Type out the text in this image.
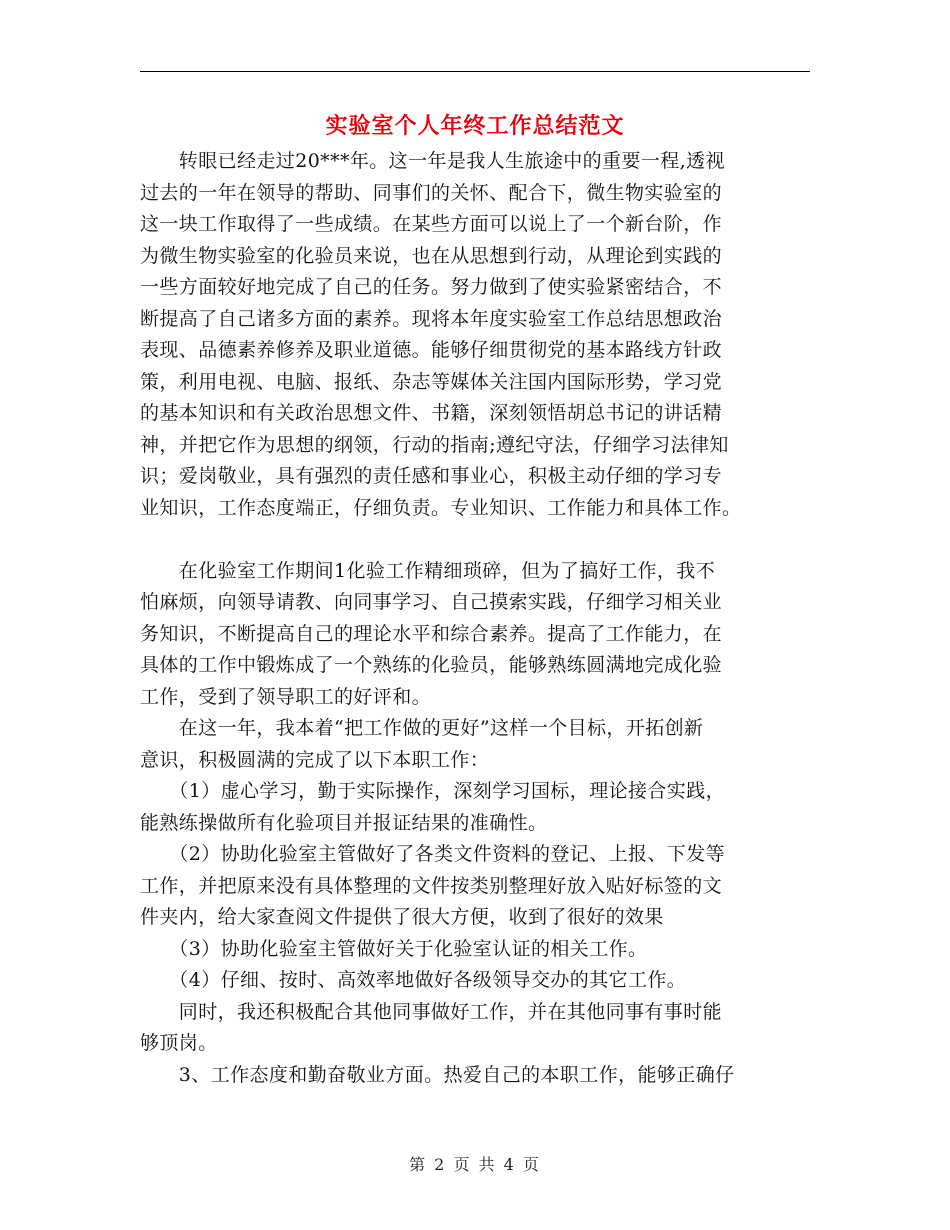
实验室个人年终工作总结范文
　　转眼已经走过20***年。这一年是我人生旅途中的重要一程,透视
过去的一年在领导的帮助、同事们的关怀、配合下，微生物实验室的
这一块工作取得了一些成绩。在某些方面可以说上了一个新台阶，作
为微生物实验室的化验员来说，也在从思想到行动，从理论到实践的
一些方面较好地完成了自己的任务。努力做到了使实验紧密结合，不
断提高了自己诸多方面的素养。现将本年度实验室工作总结思想政治
表现、品德素养修养及职业道德。能够仔细贯彻党的基本路线方针政
策，利用电视、电脑、报纸、杂志等媒体关注国内国际形势，学习党
的基本知识和有关政治思想文件、书籍，深刻领悟胡总书记的讲话精
神，并把它作为思想的纲领，行动的指南;遵纪守法，仔细学习法律知
识；爱岗敬业，具有强烈的责任感和事业心，积极主动仔细的学习专
业知识，工作态度端正，仔细负责。专业知识、工作能力和具体工作。
　　在化验室工作期间1化验工作精细琐碎，但为了搞好工作，我不
怕麻烦，向领导请教、向同事学习、自己摸索实践，仔细学习相关业
务知识，不断提高自己的理论水平和综合素养。提高了工作能力，在
具体的工作中锻炼成了一个熟练的化验员，能够熟练圆满地完成化验
工作，受到了领导职工的好评和。
　　在这一年，我本着“把工作做的更好”这样一个目标，开拓创新
意识，积极圆满的完成了以下本职工作：
　　（1）虚心学习，勤于实际操作，深刻学习国标，理论接合实践，
能熟练操做所有化验项目并报证结果的准确性。
　　（2）协助化验室主管做好了各类文件资料的登记、上报、下发等
工作，并把原来没有具体整理的文件按类别整理好放入贴好标签的文
件夹内，给大家查阅文件提供了很大方便，收到了很好的效果
　　（3）协助化验室主管做好关于化验室认证的相关工作。
　　（4）仔细、按时、高效率地做好各级领导交办的其它工作。
　　同时，我还积极配合其他同事做好工作，并在其他同事有事时能
够顶岗。
　　3、工作态度和勤奋敬业方面。热爱自己的本职工作，能够正确仔
第 2 页 共 4 页
